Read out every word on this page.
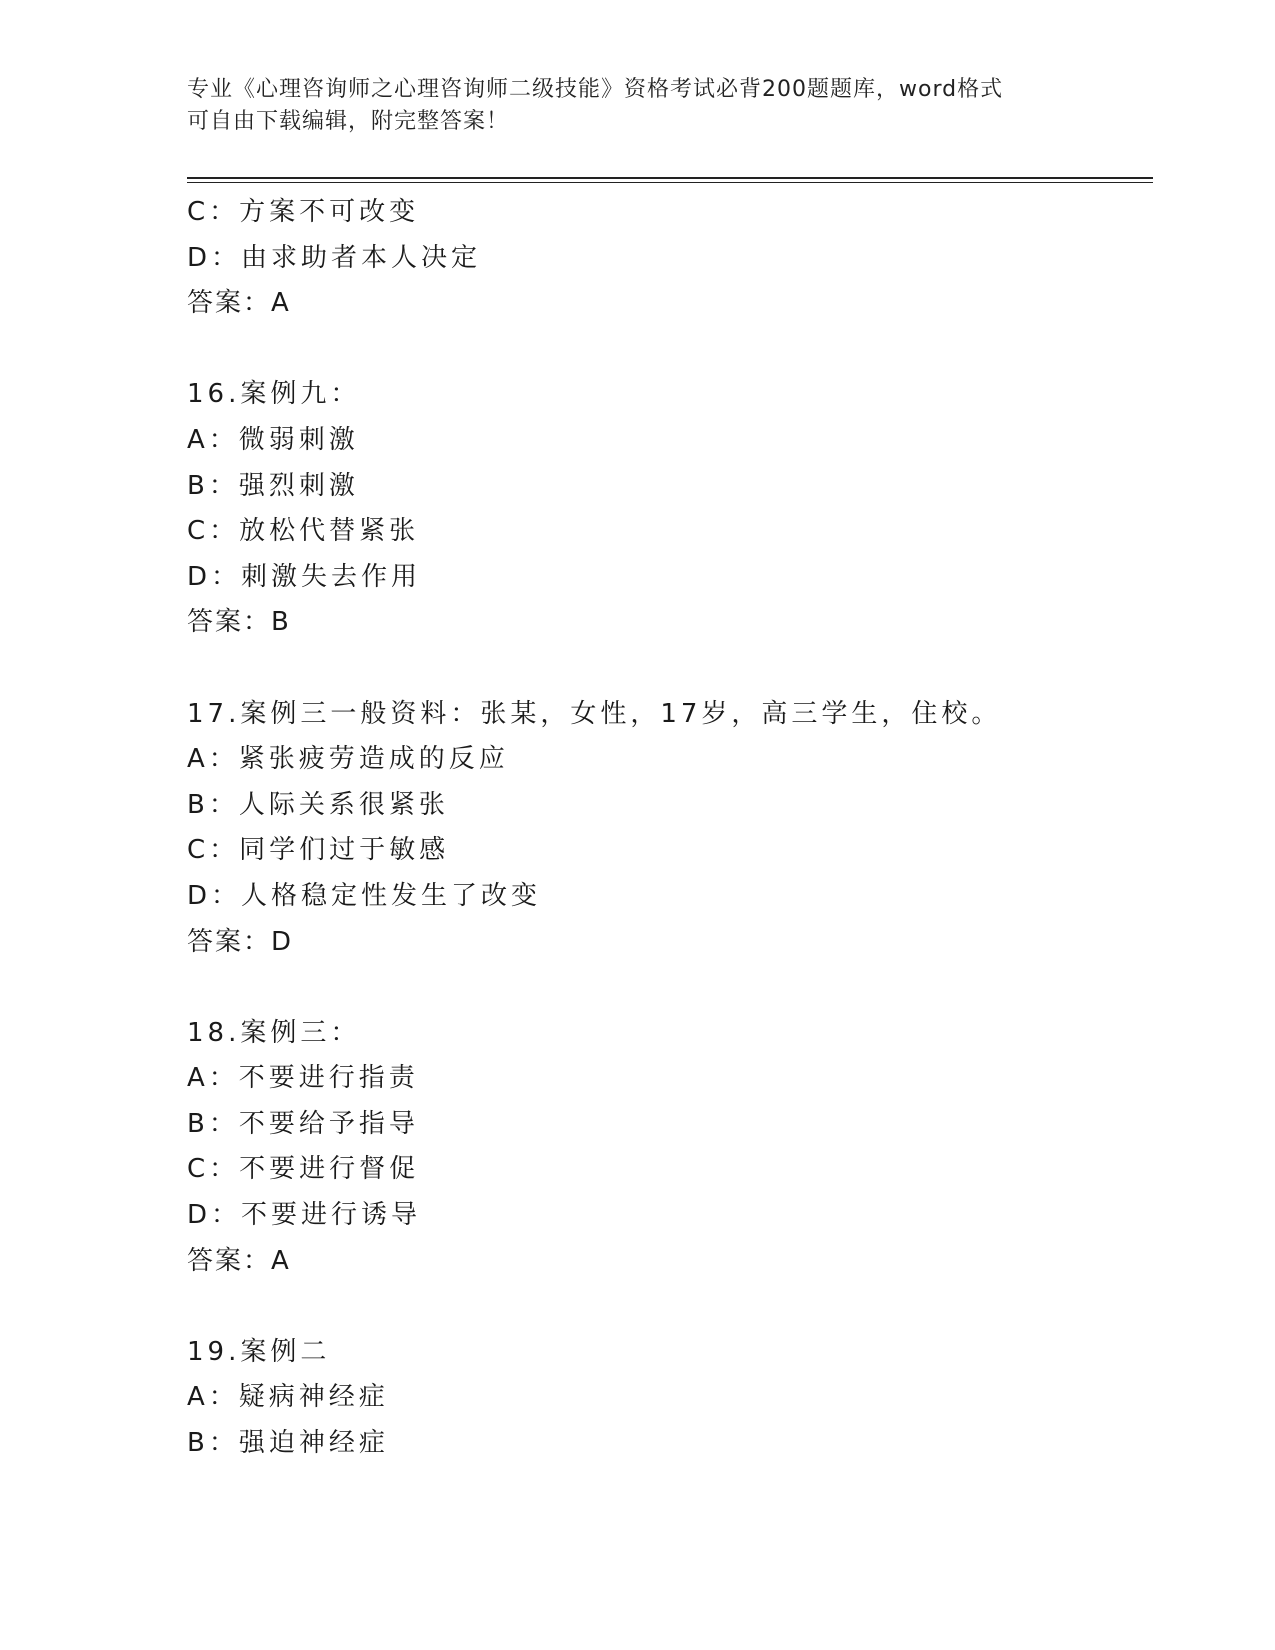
专业《心理咨询师之心理咨询师二级技能》资格考试必背200题题库，word格式
可自由下载编辑，附完整答案！
C：方案不可改变
D：由求助者本人决定
答案：A
16.案例九：
A：微弱刺激
B：强烈刺激
C：放松代替紧张
D：刺激失去作用
答案：B
17.案例三一般资料：张某，女性，17岁，高三学生，住校。
A：紧张疲劳造成的反应
B：人际关系很紧张
C：同学们过于敏感
D：人格稳定性发生了改变
答案：D
18.案例三：
A：不要进行指责
B：不要给予指导
C：不要进行督促
D：不要进行诱导
答案：A
19.案例二
A：疑病神经症
B：强迫神经症
